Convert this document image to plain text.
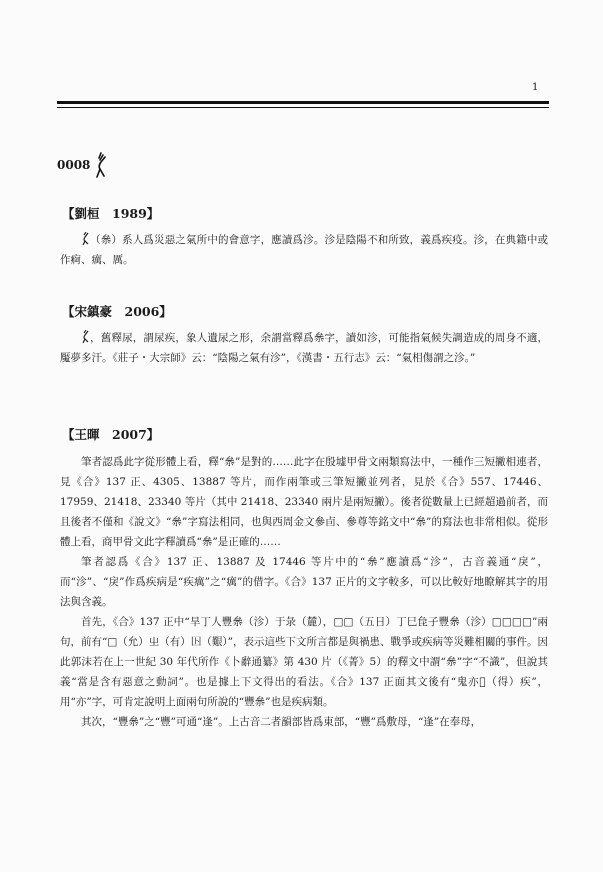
1
0008
【劉桓　1989】

（㕘）系人爲災惡之氣所中的會意字，應讀爲沴。沴是陰陽不和所致，義爲疾疫。沴，在典籍中或作痾、癘、厲。

【宋鎮豪　2006】

，舊釋尿，謂尿疾，象人遺尿之形，余謂當釋爲㕘字，讀如沴，可能指氣候失調造成的周身不適，魘夢多汗。《莊子・大宗師》云：“陰陽之氣有沴”，《漢書・五行志》云：“氣相傷謂之沴。”

【王暉　2007】

筆者認爲此字從形體上看，釋“㕘”是對的……此字在殷墟甲骨文兩類寫法中，一種作三短撇相連者，見《合》137 正、4305、13887 等片，而作兩筆或三筆短撇並列者，見於《合》557、17446、17959、21418、23340 等片（其中 21418、23340 兩片是兩短撇）。後者從數量上已經超過前者，而且後者不僅和《說文》“㕘”字寫法相同，也與西周金文參卣、參尊等銘文中“㕘”的寫法也非常相似。從形體上看，商甲骨文此字釋讀爲“㕘”是正確的……

筆者認爲《合》137 正、13887 及 17446 等片中的“㕘”應讀爲“沴”，古音義通“戾”，而“沴”、“戾”作爲疾病是“疾癘”之“癘”的借字。《合》137 正片的文字較多，可以比較好地瞭解其字的用法與含義。

首先，《合》137 正中“旱丁人豐㕘（沴）于彔（麓），□□（五日）丁巳㲋子豐㕘（沴）□□□□”兩句，前有“□（允）㞢（有）𡆥（艱）”，表示這些下文所言都是與禍患、戰爭或疾病等災難相關的事件。因此郭沫若在上一世紀 30 年代所作《卜辭通纂》第 430 片（《菁》5）的釋文中謂“㕘”字“不識”，但說其義“當是含有惡意之動詞”。也是據上下文得出的看法。《合》137 正面其文後有“鬼亦𢍉（得）疾”，用“亦”字，可肯定說明上面兩句所說的“豐㕘”也是疾病類。

其次，“豐㕘”之“豐”可通“逢”。上古音二者韻部皆爲東部，“豐”爲敷母，“逢”在奉母，
